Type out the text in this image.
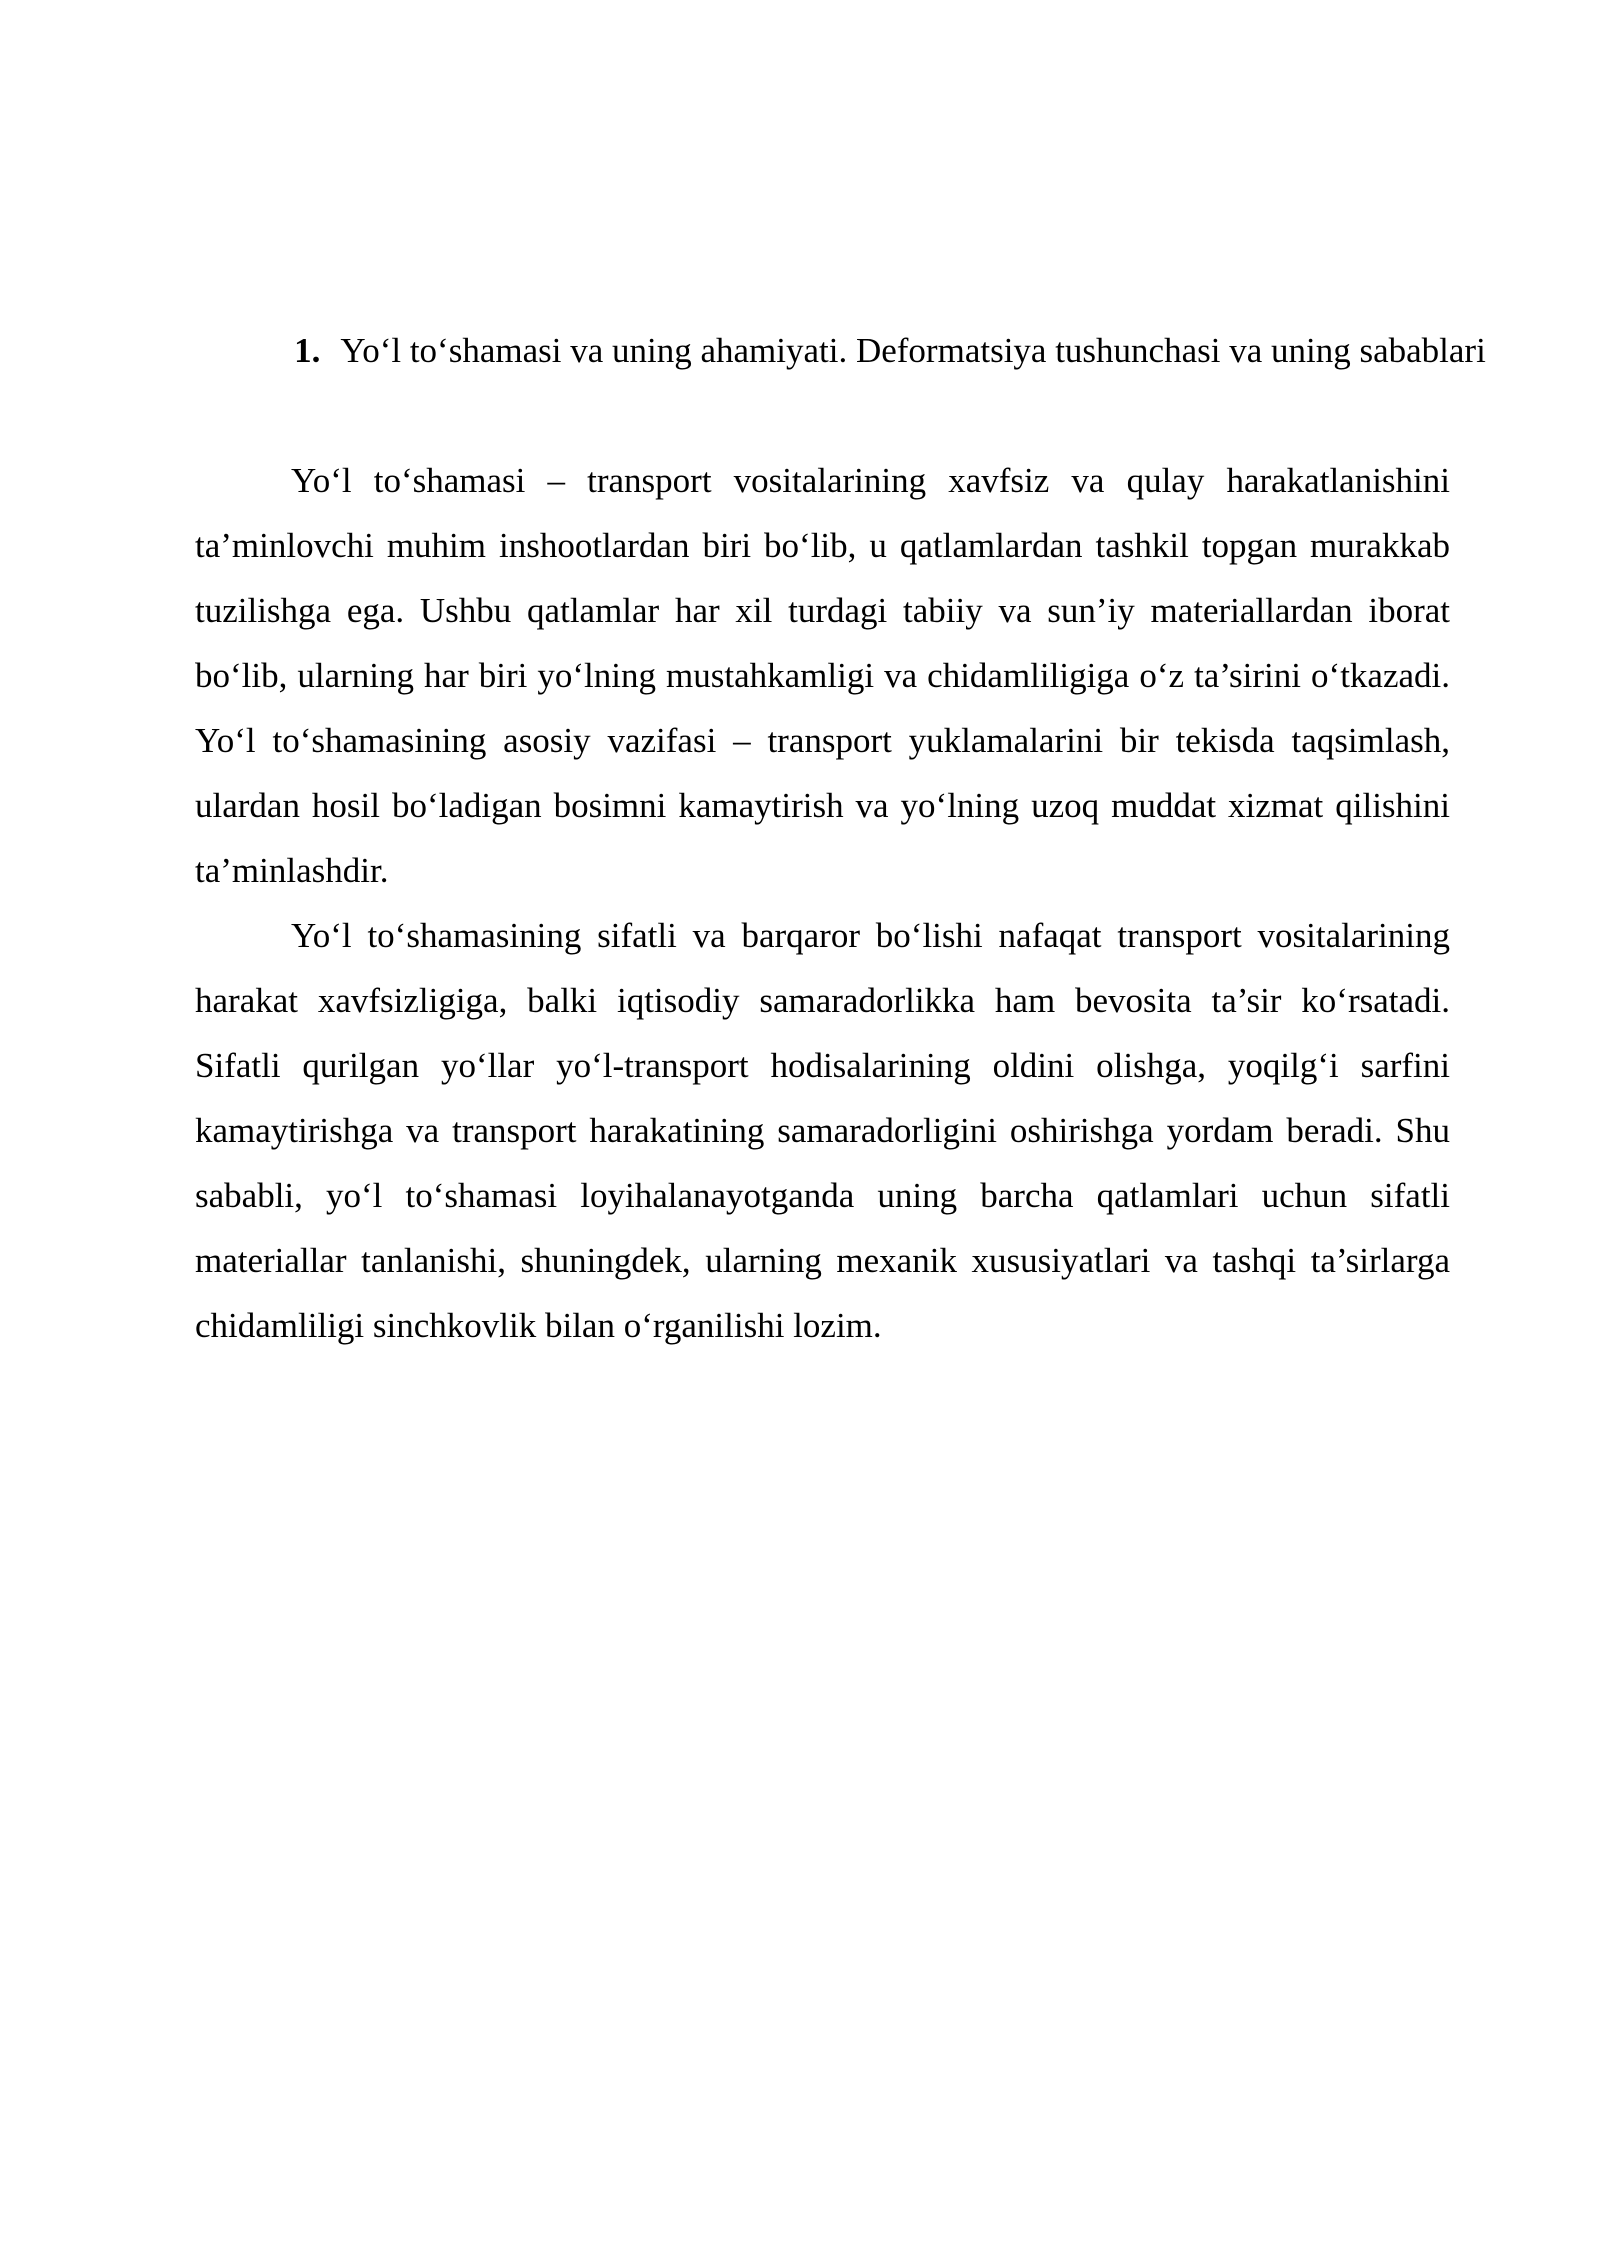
1. Yo‘l to‘shamasi va uning ahamiyati. Deformatsiya tushunchasi va uning sabablari

Yo‘l to‘shamasi – transport vositalarining xavfsiz va qulay harakatlanishini ta’minlovchi muhim inshootlardan biri bo‘lib, u qatlamlardan tashkil topgan murakkab tuzilishga ega. Ushbu qatlamlar har xil turdagi tabiiy va sun’iy materiallardan iborat bo‘lib, ularning har biri yo‘lning mustahkamligi va chidamliligiga o‘z ta’sirini o‘tkazadi. Yo‘l to‘shamasining asosiy vazifasi – transport yuklamalarini bir tekisda taqsimlash, ulardan hosil bo‘ladigan bosimni kamaytirish va yo‘lning uzoq muddat xizmat qilishini ta’minlashdir.

Yo‘l to‘shamasining sifatli va barqaror bo‘lishi nafaqat transport vositalarining harakat xavfsizligiga, balki iqtisodiy samaradorlikka ham bevosita ta’sir ko‘rsatadi. Sifatli qurilgan yo‘llar yo‘l-transport hodisalarining oldini olishga, yoqilg‘i sarfini kamaytirishga va transport harakatining samaradorligini oshirishga yordam beradi. Shu sababli, yo‘l to‘shamasi loyihalanayotganda uning barcha qatlamlari uchun sifatli materiallar tanlanishi, shuningdek, ularning mexanik xususiyatlari va tashqi ta’sirlarga chidamliligi sinchkovlik bilan o‘rganilishi lozim.
